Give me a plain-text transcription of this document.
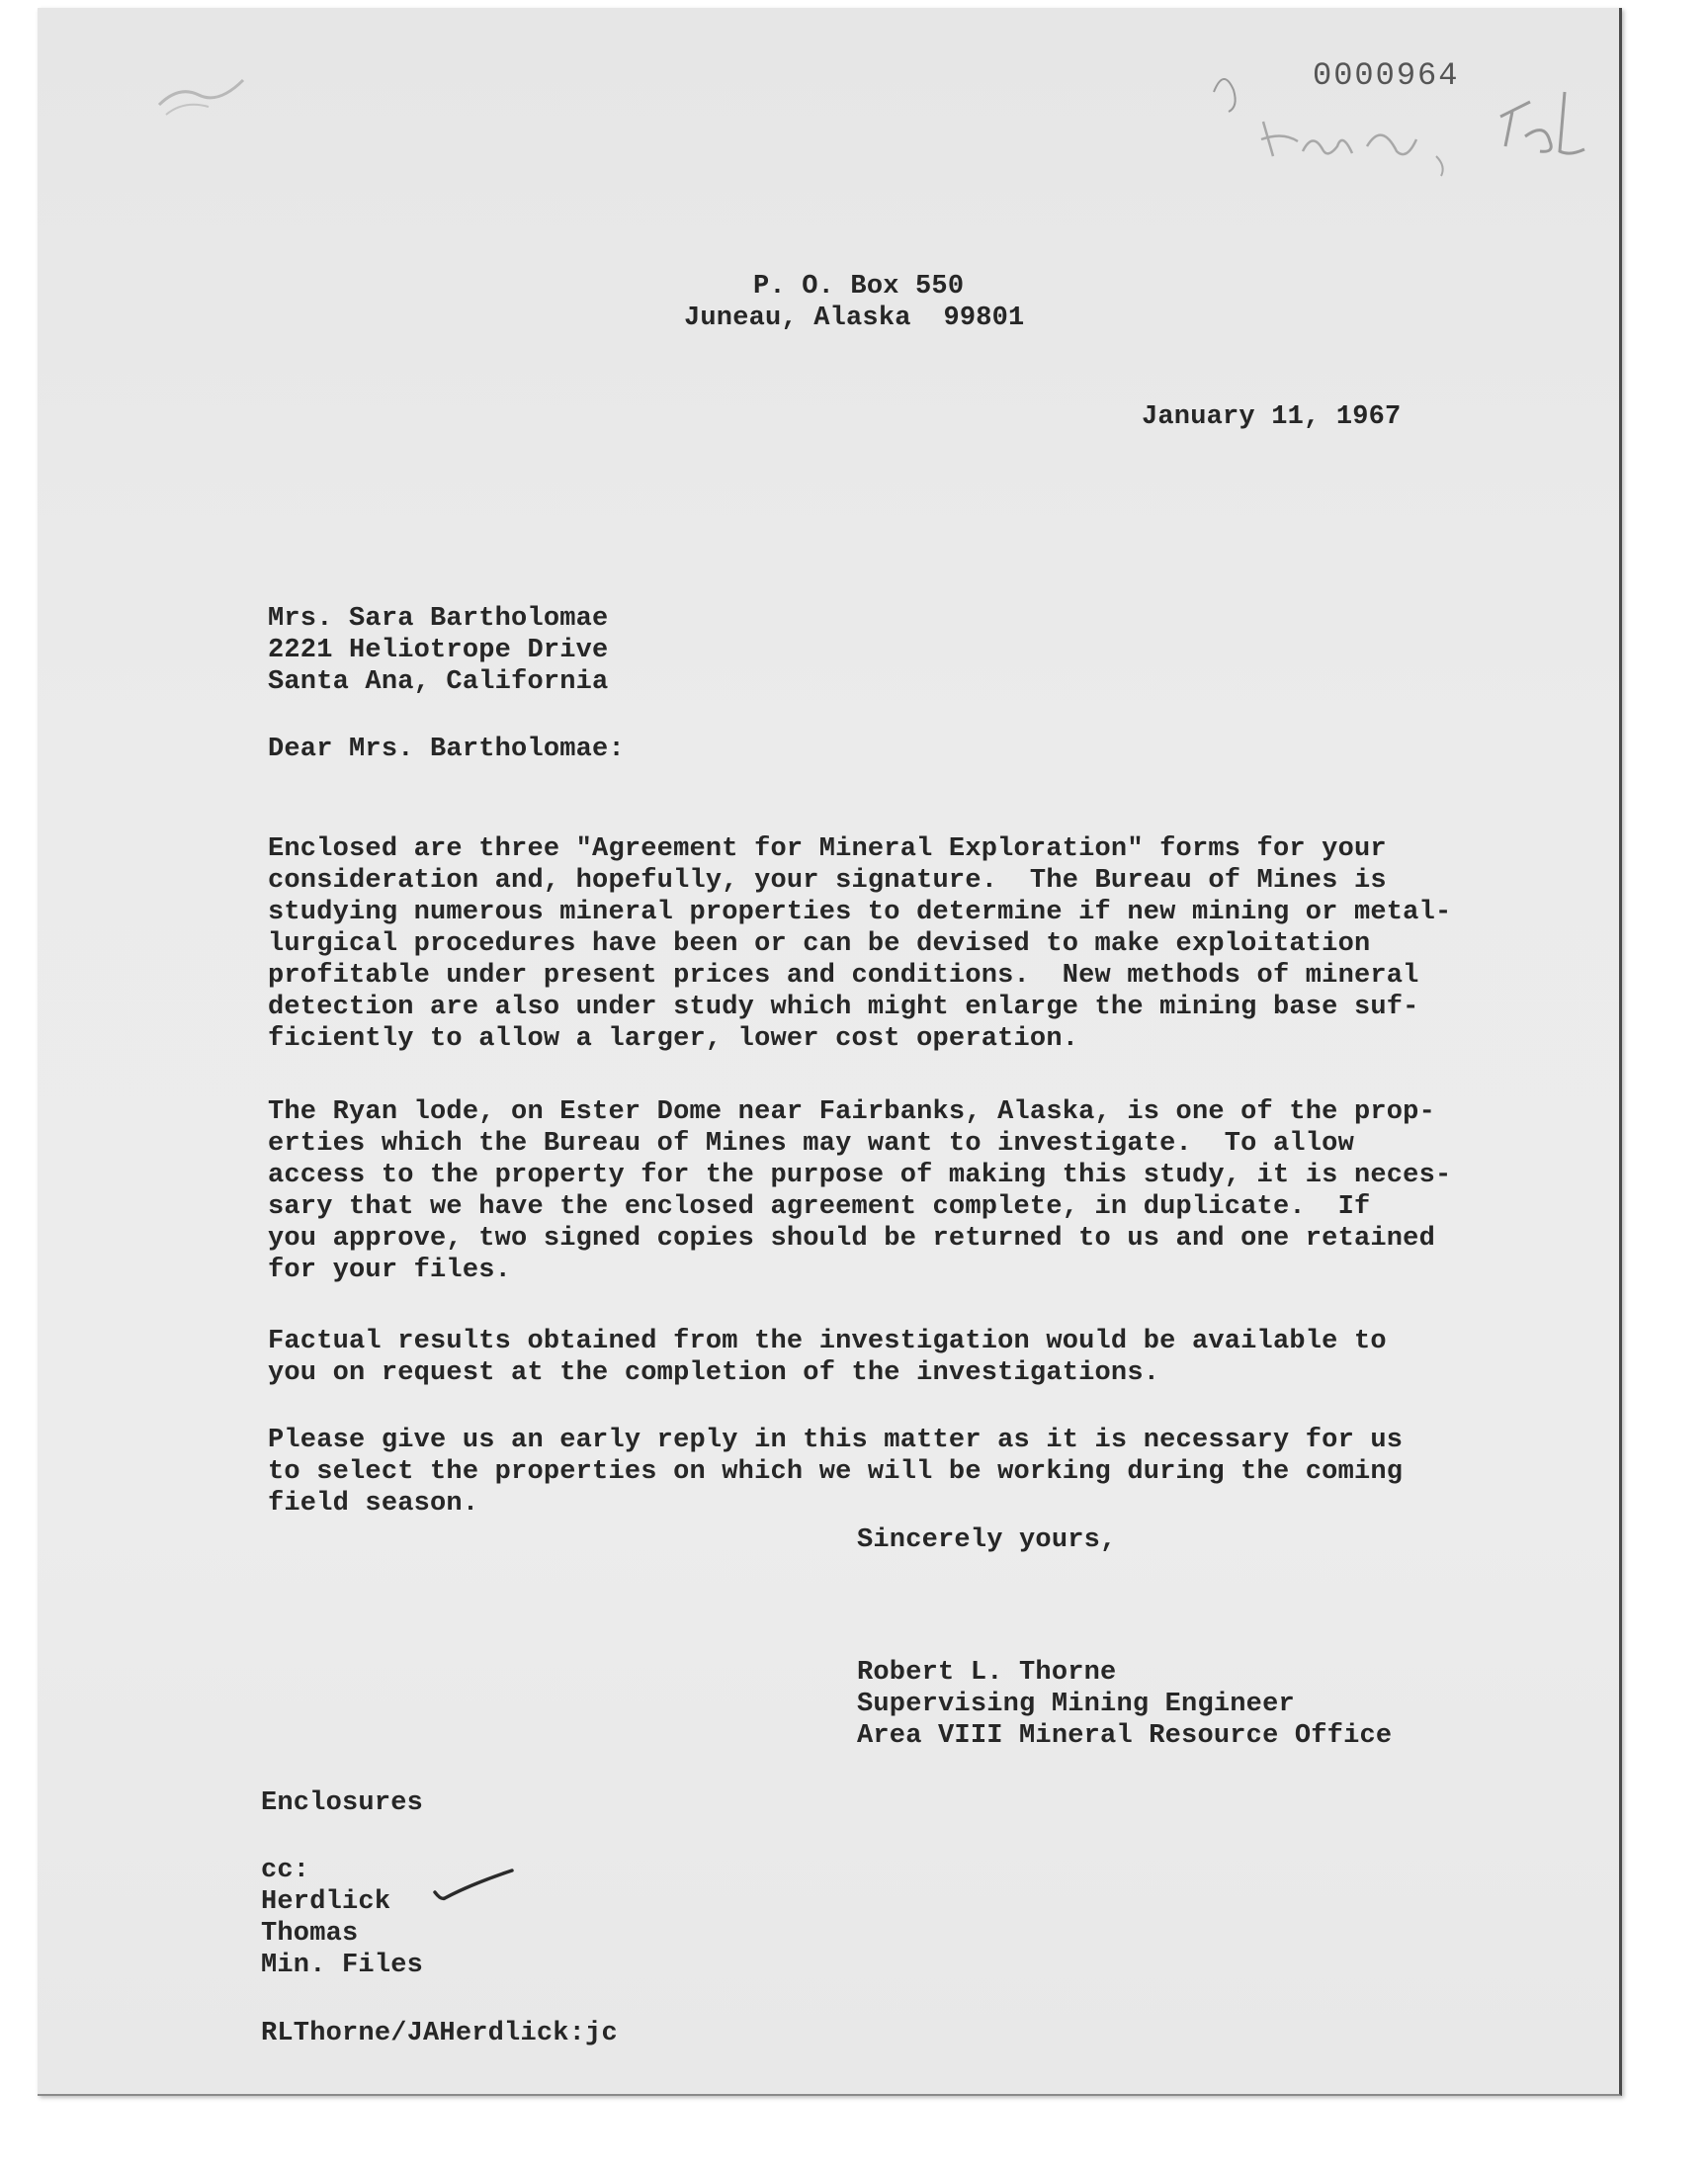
0000964
P. O. Box 550
Juneau, Alaska  99801
January 11, 1967
Mrs. Sara Bartholomae
2221 Heliotrope Drive
Santa Ana, California
Dear Mrs. Bartholomae:

Enclosed are three "Agreement for Mineral Exploration" forms for your
consideration and, hopefully, your signature.  The Bureau of Mines is
studying numerous mineral properties to determine if new mining or metal-
lurgical procedures have been or can be devised to make exploitation
profitable under present prices and conditions.  New methods of mineral
detection are also under study which might enlarge the mining base suf-
ficiently to allow a larger, lower cost operation.

The Ryan lode, on Ester Dome near Fairbanks, Alaska, is one of the prop-
erties which the Bureau of Mines may want to investigate.  To allow
access to the property for the purpose of making this study, it is neces-
sary that we have the enclosed agreement complete, in duplicate.  If
you approve, two signed copies should be returned to us and one retained
for your files.

Factual results obtained from the investigation would be available to
you on request at the completion of the investigations.

Please give us an early reply in this matter as it is necessary for us
to select the properties on which we will be working during the coming
field season.
Sincerely yours,
Robert L. Thorne
Supervising Mining Engineer
Area VIII Mineral Resource Office
Enclosures
cc:
Herdlick
Thomas
Min. Files
RLThorne/JAHerdlick:jc
